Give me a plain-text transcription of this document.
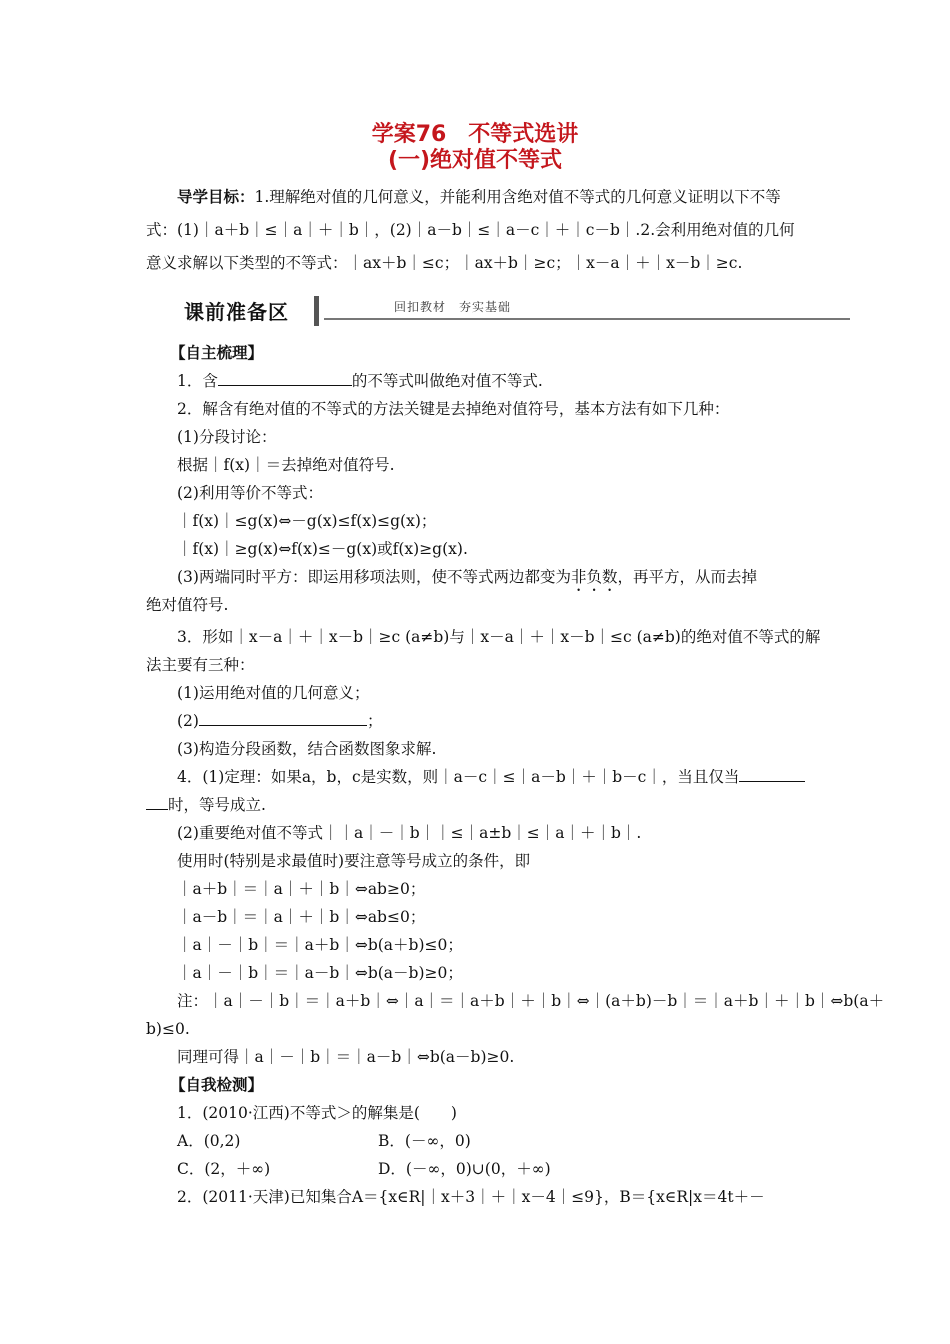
学案76　不等式选讲
(一)绝对值不等式
导学目标：1.理解绝对值的几何意义，并能利用含绝对值不等式的几何意义证明以下不等式：(1)｜a＋b｜≤｜a｜＋｜b｜，(2)｜a－b｜≤｜a－c｜＋｜c－b｜.2.会利用绝对值的几何意义求解以下类型的不等式：｜ax＋b｜≤c；｜ax＋b｜≥c；｜x－a｜＋｜x－b｜≥c.
课前准备区	回扣教材　夯实基础
【自主梳理】
1．含	的不等式叫做绝对值不等式.
2．解含有绝对值的不等式的方法关键是去掉绝对值符号，基本方法有如下几种：
(1)分段讨论：
根据｜f(x)｜＝去掉绝对值符号.
(2)利用等价不等式：
｜f(x)｜≤g(x)⇔－g(x)≤f(x)≤g(x)；
｜f(x)｜≥g(x)⇔f(x)≤－g(x)或f(x)≥g(x).
(3)两端同时平方：即运用移项法则，使不等式两边都变为非负数，再平方，从而去掉
绝对值符号.
3．形如｜x－a｜＋｜x－b｜≥c (a≠b)与｜x－a｜＋｜x－b｜≤c (a≠b)的绝对值不等式的解
法主要有三种：
(1)运用绝对值的几何意义；
(2)	；
(3)构造分段函数，结合函数图象求解.
4．(1)定理：如果a，b，c是实数，则｜a－c｜≤｜a－b｜＋｜b－c｜，当且仅当
时，等号成立.
(2)重要绝对值不等式｜｜a｜－｜b｜｜≤｜a±b｜≤｜a｜＋｜b｜.
使用时(特别是求最值时)要注意等号成立的条件，即
｜a＋b｜＝｜a｜＋｜b｜⇔ab≥0；
｜a－b｜＝｜a｜＋｜b｜⇔ab≤0；
｜a｜－｜b｜＝｜a＋b｜⇔b(a＋b)≤0；
｜a｜－｜b｜＝｜a－b｜⇔b(a－b)≥0；
注：｜a｜－｜b｜＝｜a＋b｜⇔｜a｜＝｜a＋b｜＋｜b｜⇔｜(a＋b)－b｜＝｜a＋b｜＋｜b｜⇔b(a＋
b)≤0.
同理可得｜a｜－｜b｜＝｜a－b｜⇔b(a－b)≥0.
【自我检测】
1．(2010·江西)不等式＞的解集是(　　)
A．(0,2)	B．(－∞，0)
C．(2，＋∞)	D．(－∞，0)∪(0，＋∞)
2．(2011·天津)已知集合A＝{x∈R|｜x＋3｜＋｜x－4｜≤9}，B＝{x∈R|x＝4t＋－
